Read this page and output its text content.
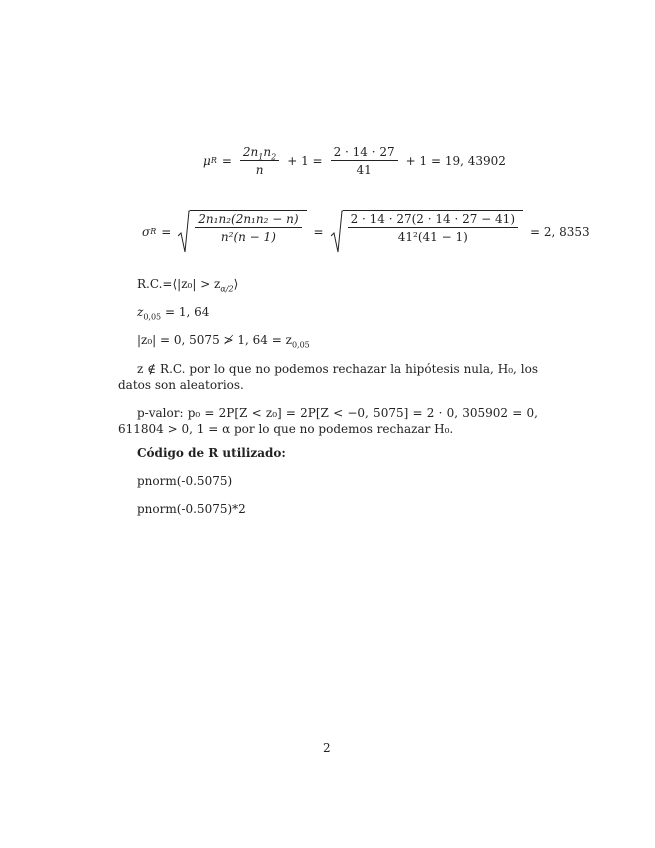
μ $R = \frac{2n_1n_2}{n} + 1 = \frac{2 \cdot 14 \cdot 27}{41} + 1 = 19$, 43902
σ $R = \frac{\text{2n₁n₂(2n₁n₂ − n)}}{\text{n²(n − 1)}} = \frac{2 \cdot 14 \cdot 27(2 \cdot 14 \cdot 27 - 41)}{\text{41²(41 − 1)}} = 2$, 8353
R.C.=⟨|z₀| > $z_{\alpha/2}⟩$
$z_{0,05} = 1$, 64
|z₀| = 0, 5075 ≯ 1, $64 = z_{0,05}$
z ∉ R.C. por lo que no podemos rechazar la hipótesis nula, H₀, los datos son aleatorios.
p-valor: p₀ = 2P[Z < z₀] = 2P[Z < −0, 5075] = 2 · 0, 305902 = 0, 611804 > 0, 1 = α por lo que no podemos rechazar H₀.
Código de R utilizado:
pnorm(-0.5075)
pnorm(-0.5075)*2
2
